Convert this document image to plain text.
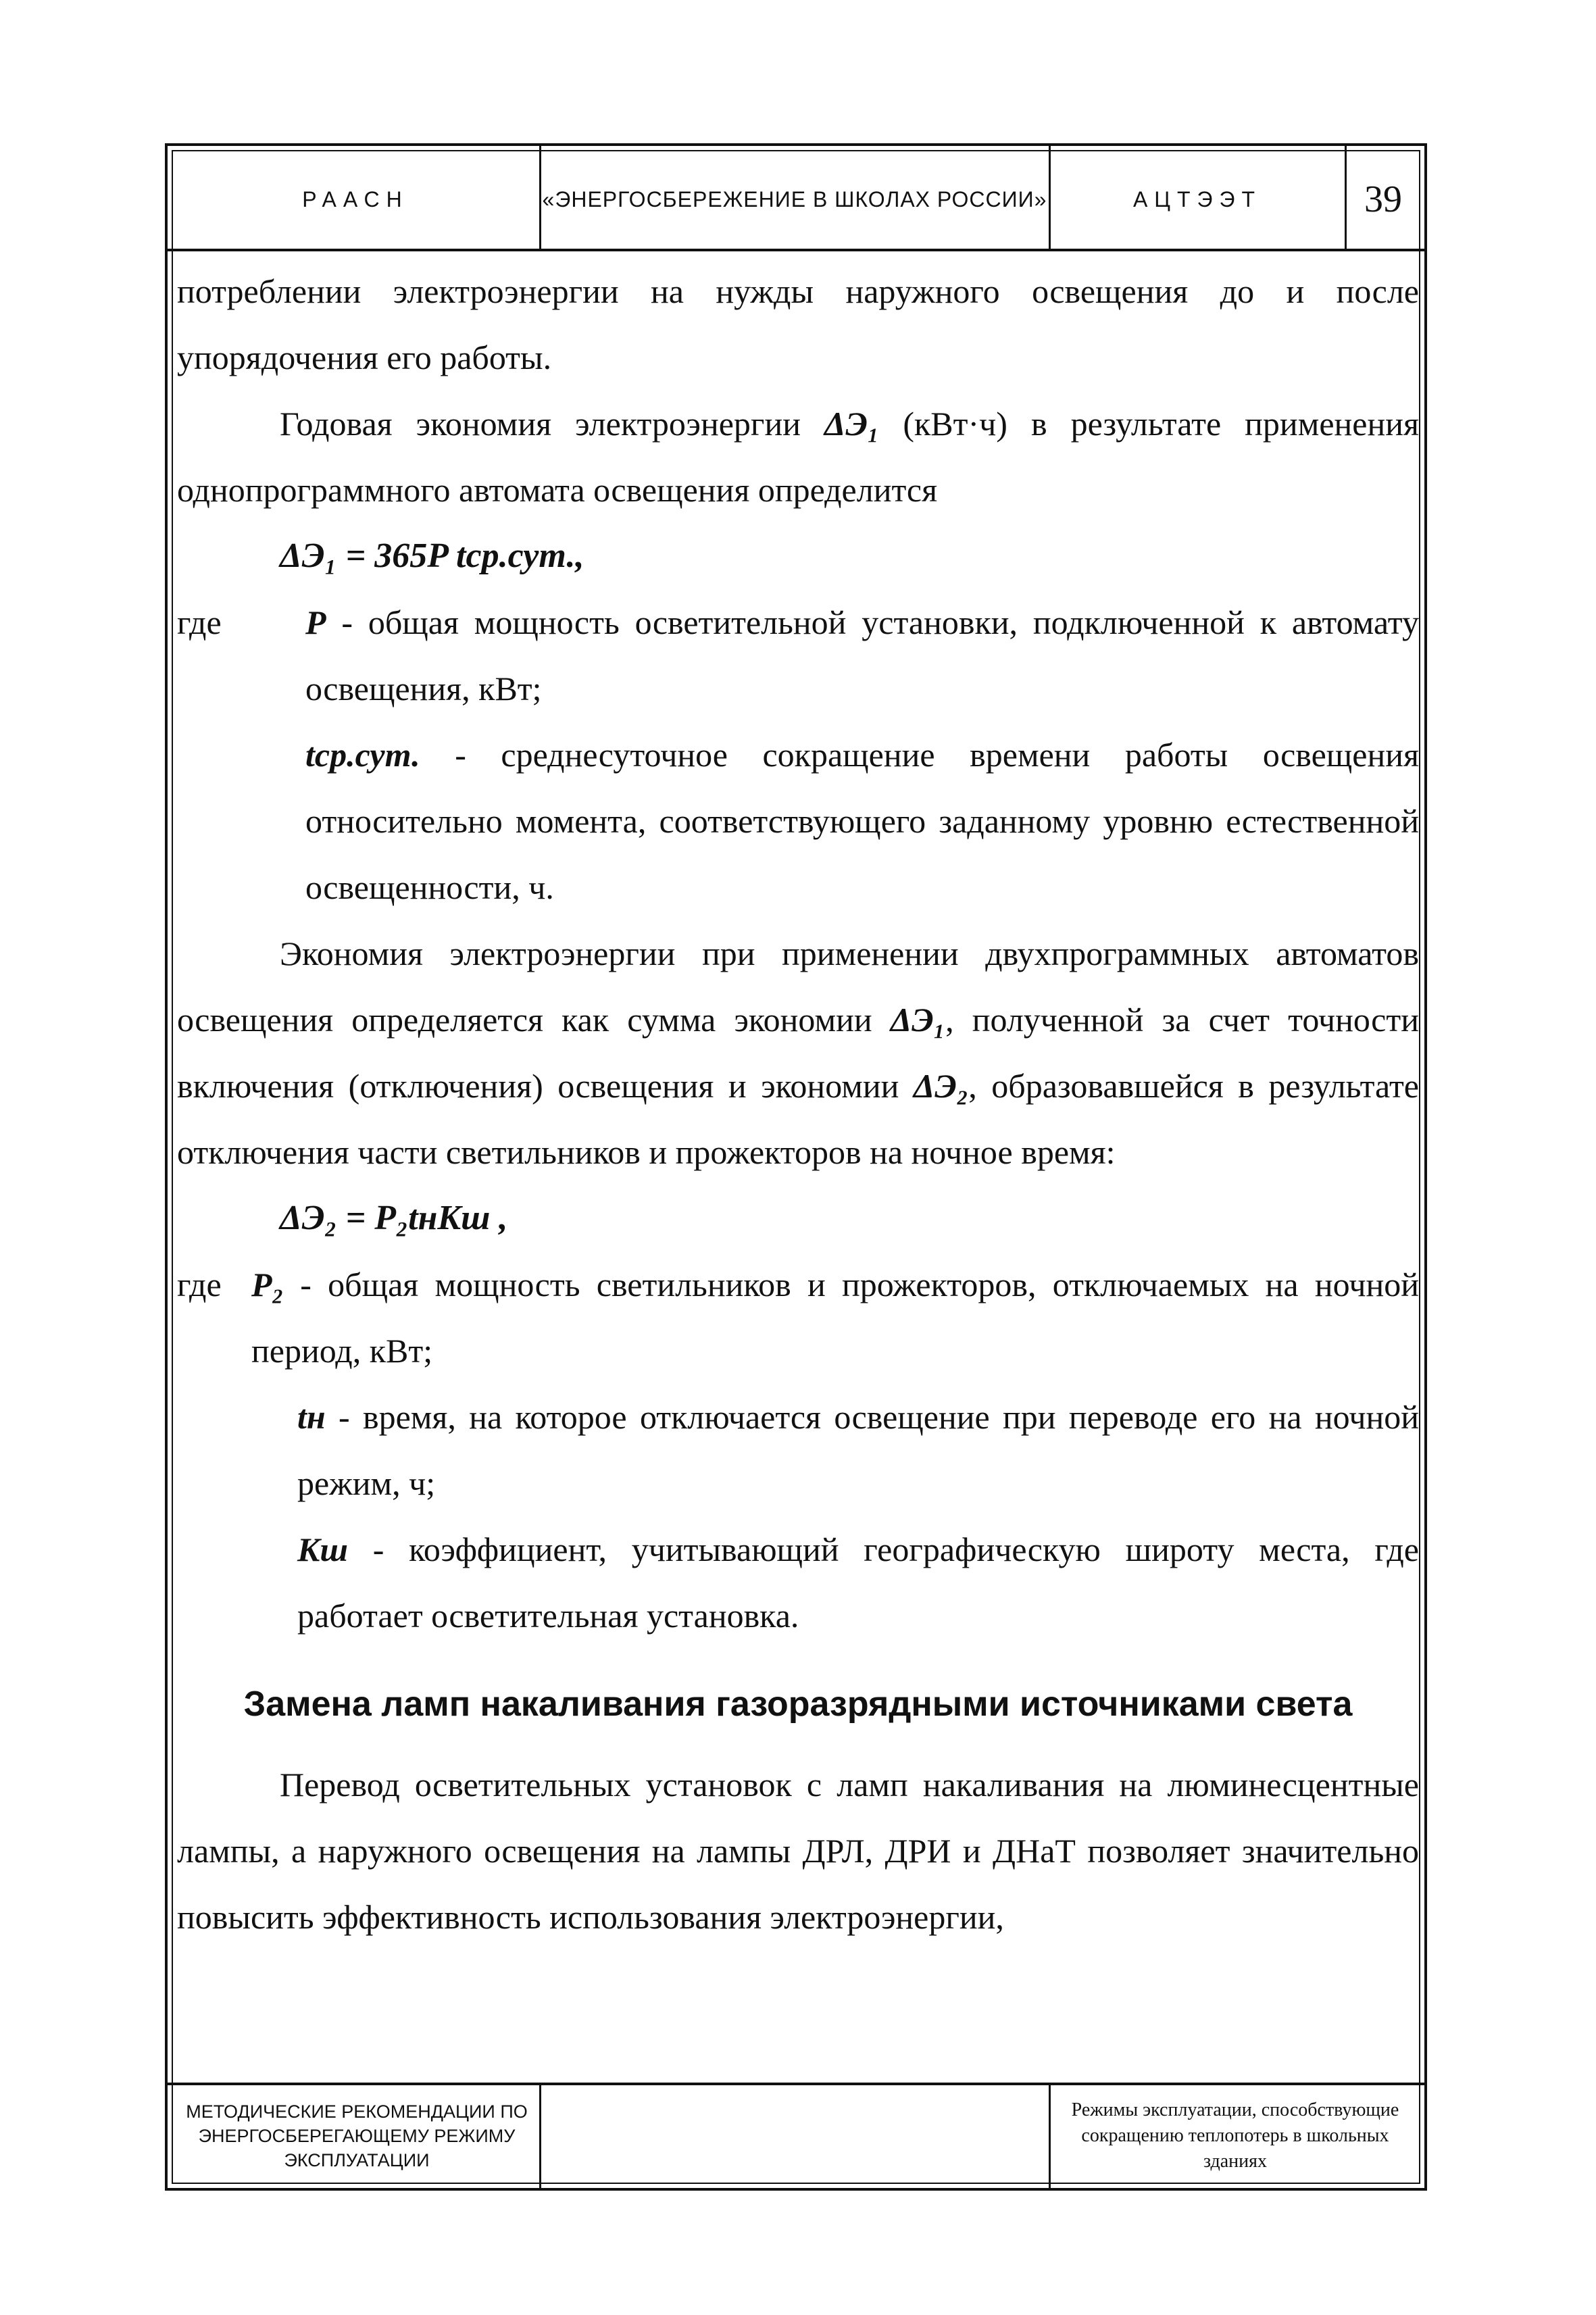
РААСН	«ЭНЕРГОСБЕРЕЖЕНИЕ В ШКОЛАХ РОССИИ»	АЦТЭЭТ	39

потреблении электроэнергии на нужды наружного освещения до и после упорядочения его работы.

Годовая экономия электроэнергии ΔЭ₁ (кВт·ч) в результате применения однопрограммного автомата освещения определится

ΔЭ₁ = 365P tср.сут.,

где	P - общая мощность осветительной установки, подключенной к автомату освещения, кВт;
tср.сут. - среднесуточное сокращение времени работы освещения относительно момента, соответствующего заданному уровню естественной освещенности, ч.

Экономия электроэнергии при применении двухпрограммных автоматов освещения определяется как сумма экономии ΔЭ₁, полученной за счет точности включения (отключения) освещения и экономии ΔЭ₂, образовавшейся в результате отключения части светильников и прожекторов на ночное время:

ΔЭ₂ = P₂tнKш ,

где P₂ - общая мощность светильников и прожекторов, отключаемых на ночной период, кВт;
tн - время, на которое отключается освещение при переводе его на ночной режим, ч;
Kш - коэффициент, учитывающий географическую широту места, где работает осветительная установка.
Замена ламп накаливания газоразрядными источниками света

Перевод осветительных установок с ламп накаливания на люминесцентные лампы, а наружного освещения на лампы ДРЛ, ДРИ и ДНаТ позволяет значительно повысить эффективность использования электроэнергии,

МЕТОДИЧЕСКИЕ РЕКОМЕНДАЦИИ ПО ЭНЕРГОСБЕРЕГАЮЩЕМУ РЕЖИМУ ЭКСПЛУАТАЦИИ
Режимы эксплуатации, способствующие сокращению теплопотерь в школьных зданиях
